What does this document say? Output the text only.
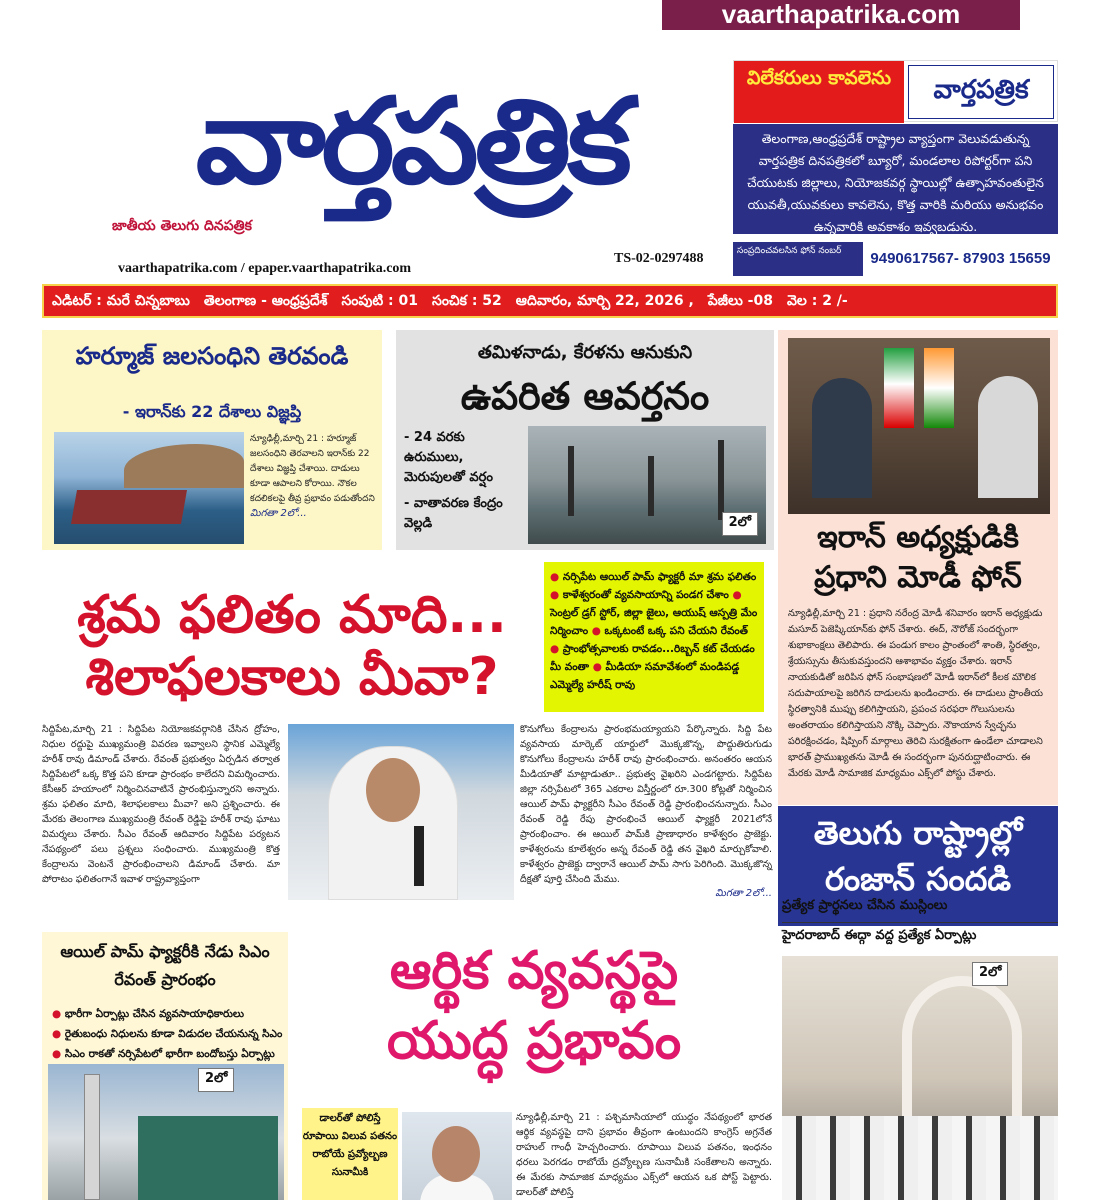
vaarthapatrika.com
వార్తపత్రిక
జాతీయ తెలుగు దినపత్రిక
TS-02-0297488
vaarthapatrika.com / epaper.vaarthapatrika.com
విలేకరులు కావలెను	వార్తపత్రిక
తెలంగాణ,ఆంధ్రప్రదేశ్ రాష్ట్రాల వ్యాప్తంగా వెలువడుతున్న వార్తపత్రిక దినపత్రికలో బ్యూరో, మండలాల రిపోర్టర్‌గా పని చేయుటకు జిల్లాలు, నియోజకవర్గ స్థాయిల్లో ఉత్సాహవంతులైన యువతీ,యువకులు కావలెను, కొత్త వారికి మరియు అనుభవం ఉన్నవారికి అవకాశం ఇవ్వబడును.
సంప్రదించవలసిన ఫోన్ నంబర్	9490617567- 87903 15659
ఎడిటర్ : మరే చిన్నబాబు తెలంగాణ - ఆంధ్రప్రదేశ్ సంపుటి : 01 సంచిక : 52 ఆదివారం, మార్చి 22, 2026 , పేజీలు -08 వెల : 2 /-
హర్మూజ్ జలసంధిని తెరవండి
- ఇరాన్‌కు 22 దేశాలు విజ్ఞప్తి
న్యూఢిల్లీ,మార్చి 21 : హర్మూజ్ జలసంధిని తెరవాలని ఇరాన్‌కు 22 దేశాలు విజ్ఞప్తి చేశాయి. దాడులు కూడా ఆపాలని కోరాయి. నౌకల కదలికలపై తీవ్ర ప్రభావం పడుతోందని
మిగతా 2లో...
తమిళనాడు, కేరళను ఆనుకుని
ఉపరిత ఆవర్తనం
- 24 వరకు ఉరుములు, మెరుపులతో వర్షం
- వాతావరణ కేంద్రం వెల్లడి	2లో	ఇరాన్ అధ్యక్షుడికి ప్రధాని మోడీ ఫోన్
న్యూఢిల్లీ,మార్చి 21 : ప్రధాని నరేంద్ర మోడీ శనివారం ఇరాన్ అధ్యక్షుడు మసూద్ పెజెష్కియాన్‌కు ఫోన్ చేశారు. ఈద్, నౌరోజ్ సందర్భంగా శుభాకాంక్షలు తెలిపారు. ఈ పండుగ కాలం ప్రాంతంలో శాంతి, స్థిరత్వం, శ్రేయస్సును తీసుకువస్తుందని ఆశాభావం వ్యక్తం చేశారు. ఇరాన్ నాయకుడితో జరిపిన ఫోన్ సంభాషణలో మోడీ ఇరాన్‌లో కీలక మౌలిక సదుపాయాలపై జరిగిన దాడులను ఖండించారు. ఈ దాడులు ప్రాంతీయ స్థిరత్వానికి ముప్పు కలిగిస్తాయని, ప్రపంచ సరఫరా గొలుసులను అంతరాయం కలిగిస్తాయని నొక్కి చెప్పారు. నౌకాయాన స్వేచ్ఛను పరిరక్షించడం, షిప్పింగ్ మార్గాలు తెరిచి సురక్షితంగా ఉండేలా చూడాలని భారత్ ప్రాముఖ్యతను మోడీ ఈ సందర్భంగా పునరుద్ఘాటించారు. ఈ మేరకు మోడీ సామాజిక మాధ్యమం ఎక్స్‌లో పోస్టు చేశారు.
శ్రమ ఫలితం మాది...
శిలాఫలకాలు మీవా?
● నర్సిపేట ఆయిల్ పామ్ ఫ్యాక్టరీ మా శ్రమ ఫలితం ● కాళేశ్వరంతో వ్యవసాయాన్ని పండగ చేశాం ● సెంట్రల్ డ్రగ్ స్టోర్, జిల్లా జైలు, ఆయుష్ ఆస్పత్రి మేం నిర్మించాం ● ఒక్కటంటే ఒక్క పని చేయని రేవంత్ ● ప్రాంభోత్సవాలకు రావడం...రిబ్బన్ కట్ చేయడం మీ వంతా ● మీడియా సమావేశంలో మండిపడ్డ ఎమ్మెల్యే హరీష్ రావు
సిద్దిపేట,మార్చి 21 : సిద్దిపేట నియోజకవర్గానికి చేసిన ద్రోహం, నిధుల రద్దుపై ముఖ్యమంత్రి వివరణ ఇవ్వాలని స్థానిక ఎమ్మెల్యే హరీశ్ రావు డిమాండ్ చేశారు. రేవంత్ ప్రభుత్వం ఏర్పడిన తర్వాత సిద్దిపేటలో ఒక్క కొత్త పని కూడా ప్రారంభం కాలేదని విమర్శించారు. కేసీఆర్ హయాంలో నిర్మించినవాటినే ప్రారంభిస్తున్నారని అన్నారు. శ్రమ ఫలితం మాది, శిలాఫలకాలు మీవా? అని ప్రశ్నించారు. ఈ మేరకు తెలంగాణ ముఖ్యమంత్రి రేవంత్ రెడ్డిపై హరీశ్ రావు ఘాటు విమర్శలు చేశారు. సీఎం రేవంత్ ఆదివారం సిద్దిపేట పర్యటన నేపథ్యంలో పలు ప్రశ్నలు సంధించారు. ముఖ్యమంత్రి కొత్త కేంద్రాలను వెంటనే ప్రారంభించాలని డిమాండ్ చేశారు. మా పోరాటం ఫలితంగానే ఇవాళ రాష్ట్రవ్యాప్తంగా
కొనుగోలు కేంద్రాలను ప్రారంభమయ్యాయని పేర్కొన్నారు. సిద్ది పేట వ్యవసాయ మార్కెట్ యార్డులో మొక్కజొన్న, పొద్దుతిరుగుడు కొనుగోలు కేంద్రాలను హరీశ్ రావు ప్రారంభించారు. అనంతరం ఆయన మీడియాతో మాట్లాడుతూ.. ప్రభుత్వ వైఖరిని ఎండగట్టారు. సిద్దిపేట జిల్లా నర్సిపేటలో 365 ఎకరాల విస్తీర్ణంలో రూ.300 కోట్లతో నిర్మించిన ఆయిల్ పామ్ ఫ్యాక్టరీని సీఎం రేవంత్ రెడ్డి ప్రారంభించనున్నారు. సీఎం రేవంత్ రెడ్డి రేపు ప్రారంభించే ఆయిల్ ఫ్యాక్టరీ 2021లోనే ప్రారంభించాం. ఈ ఆయిల్ పామ్‌కి ప్రాణాధారం కాళేశ్వరం ప్రాజెక్టు. కాళేశ్వరంను కూలేశ్వరం అన్న రేవంత్ రెడ్డి తన వైఖరి మార్చుకోవాలి. కాళేశ్వరం ప్రాజెక్టు ద్వారానే ఆయిల్ పామ్ సాగు పెరిగింది. మొక్కజొన్న దీక్షతో పూర్తి చేసింది మేము.
మిగతా 2లో...
తెలుగు రాష్ట్రాల్లో రంజాన్ సందడి
ప్రత్యేక ప్రార్థనలు చేసిన ముస్లింలు
హైదరాబాద్ ఈద్గా వద్ద ప్రత్యేక ఏర్పాట్లు
2లో
ఆయిల్ పామ్ ఫ్యాక్టరీకి నేడు సిఎం రేవంత్ ప్రారంభం
● భారీగా ఏర్పాట్లు చేసిన వ్యవసాయాధికారులు
● రైతుబంధు నిధులను కూడా విడుదల చేయనున్న సిఎం
● సిఎం రాకతో నర్సిపేటలో భారీగా బందోబస్తు ఏర్పాట్లు
2లో
ఆర్థిక వ్యవస్థపై
యుద్ధ ప్రభావం
డాలర్‌తో పోలిస్తే రూపాయి విలువ పతనం రాబోయే ప్రవ్యోల్బణ సునామీకి
న్యూఢిల్లీ,మార్చి 21 : పశ్చిమాసియాలో యుద్ధం నేపథ్యంలో భారత ఆర్థిక వ్యవస్థపై దాని ప్రభావం తీవ్రంగా ఉంటుందని కాంగ్రెస్ అగ్రనేత రాహుల్ గాంధీ హెచ్చరించారు. రూపాయి విలువ పతనం, ఇంధనం ధరలు పెరగడం రాబోయే ద్రవ్యోల్బణ సునామీకి సంకేతాలని అన్నారు. ఈ మేరకు సామాజిక మాధ్యమం ఎక్స్‌లో ఆయన ఒక పోస్ట్ పెట్టారు. డాలర్‌తో పోలిస్తే
